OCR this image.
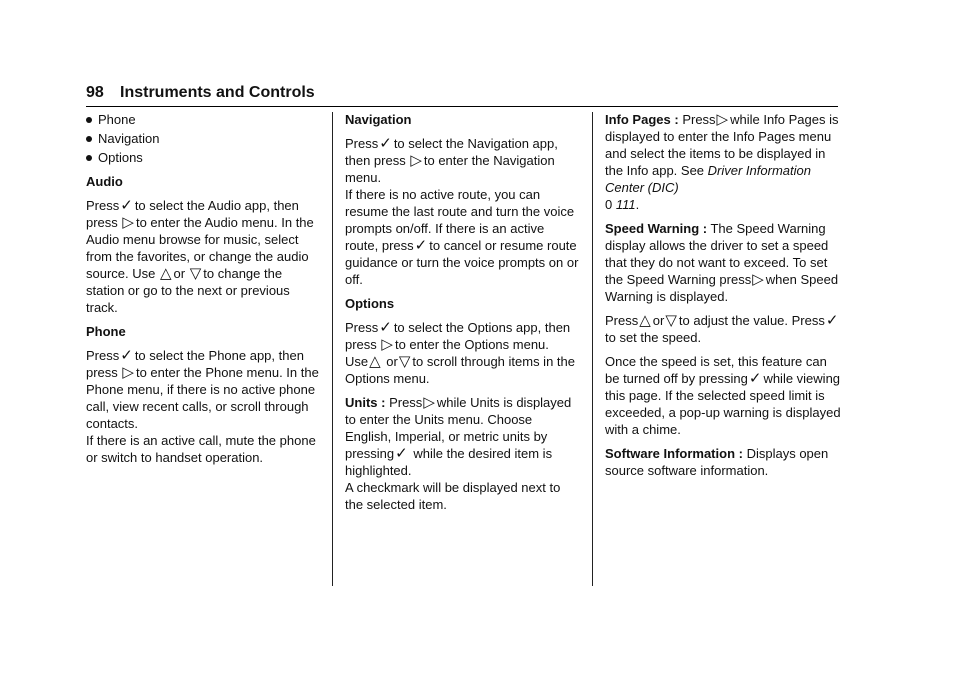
98 Instruments and Controls
Phone
Navigation
Options

Audio

Press✓ to select the Audio app, then press ▷ to enter the Audio menu. In the Audio menu browse for music, select from the favorites, or change the audio source. Use △ or ▽ to change the station or go to the next or previous track.

Phone

Press✓ to select the Phone app, then press ▷ to enter the Phone menu. In the Phone menu, if there is no active phone call, view recent calls, or scroll through contacts.

If there is an active call, mute the phone or switch to handset operation.

Navigation

Press✓ to select the Navigation app, then press ▷ to enter the Navigation menu.

If there is no active route, you can resume the last route and turn the voice prompts on/off. If there is an active route, press✓ to cancel or resume route guidance or turn the voice prompts on or off.

Options

Press✓ to select the Options app, then press ▷ to enter the Options menu. Use△ or▽ to scroll through items in the Options menu.

Units : Press▷ while Units is displayed to enter the Units menu. Choose English, Imperial, or metric units by pressing✓ while the desired item is highlighted.

A checkmark will be displayed next to the selected item.

Info Pages : Press▷ while Info Pages is displayed to enter the Info Pages menu and select the items to be displayed in the Info app. See Driver Information Center (DIC)
0 111.

Speed Warning : The Speed Warning display allows the driver to set a speed that they do not want to exceed. To set the Speed Warning press▷ when Speed Warning is displayed.

Press△ or▽ to adjust the value. Press✓ to set the speed.

Once the speed is set, this feature can be turned off by pressing✓ while viewing this page. If the selected speed limit is exceeded, a pop-up warning is displayed with a chime.

Software Information : Displays open source software information.
